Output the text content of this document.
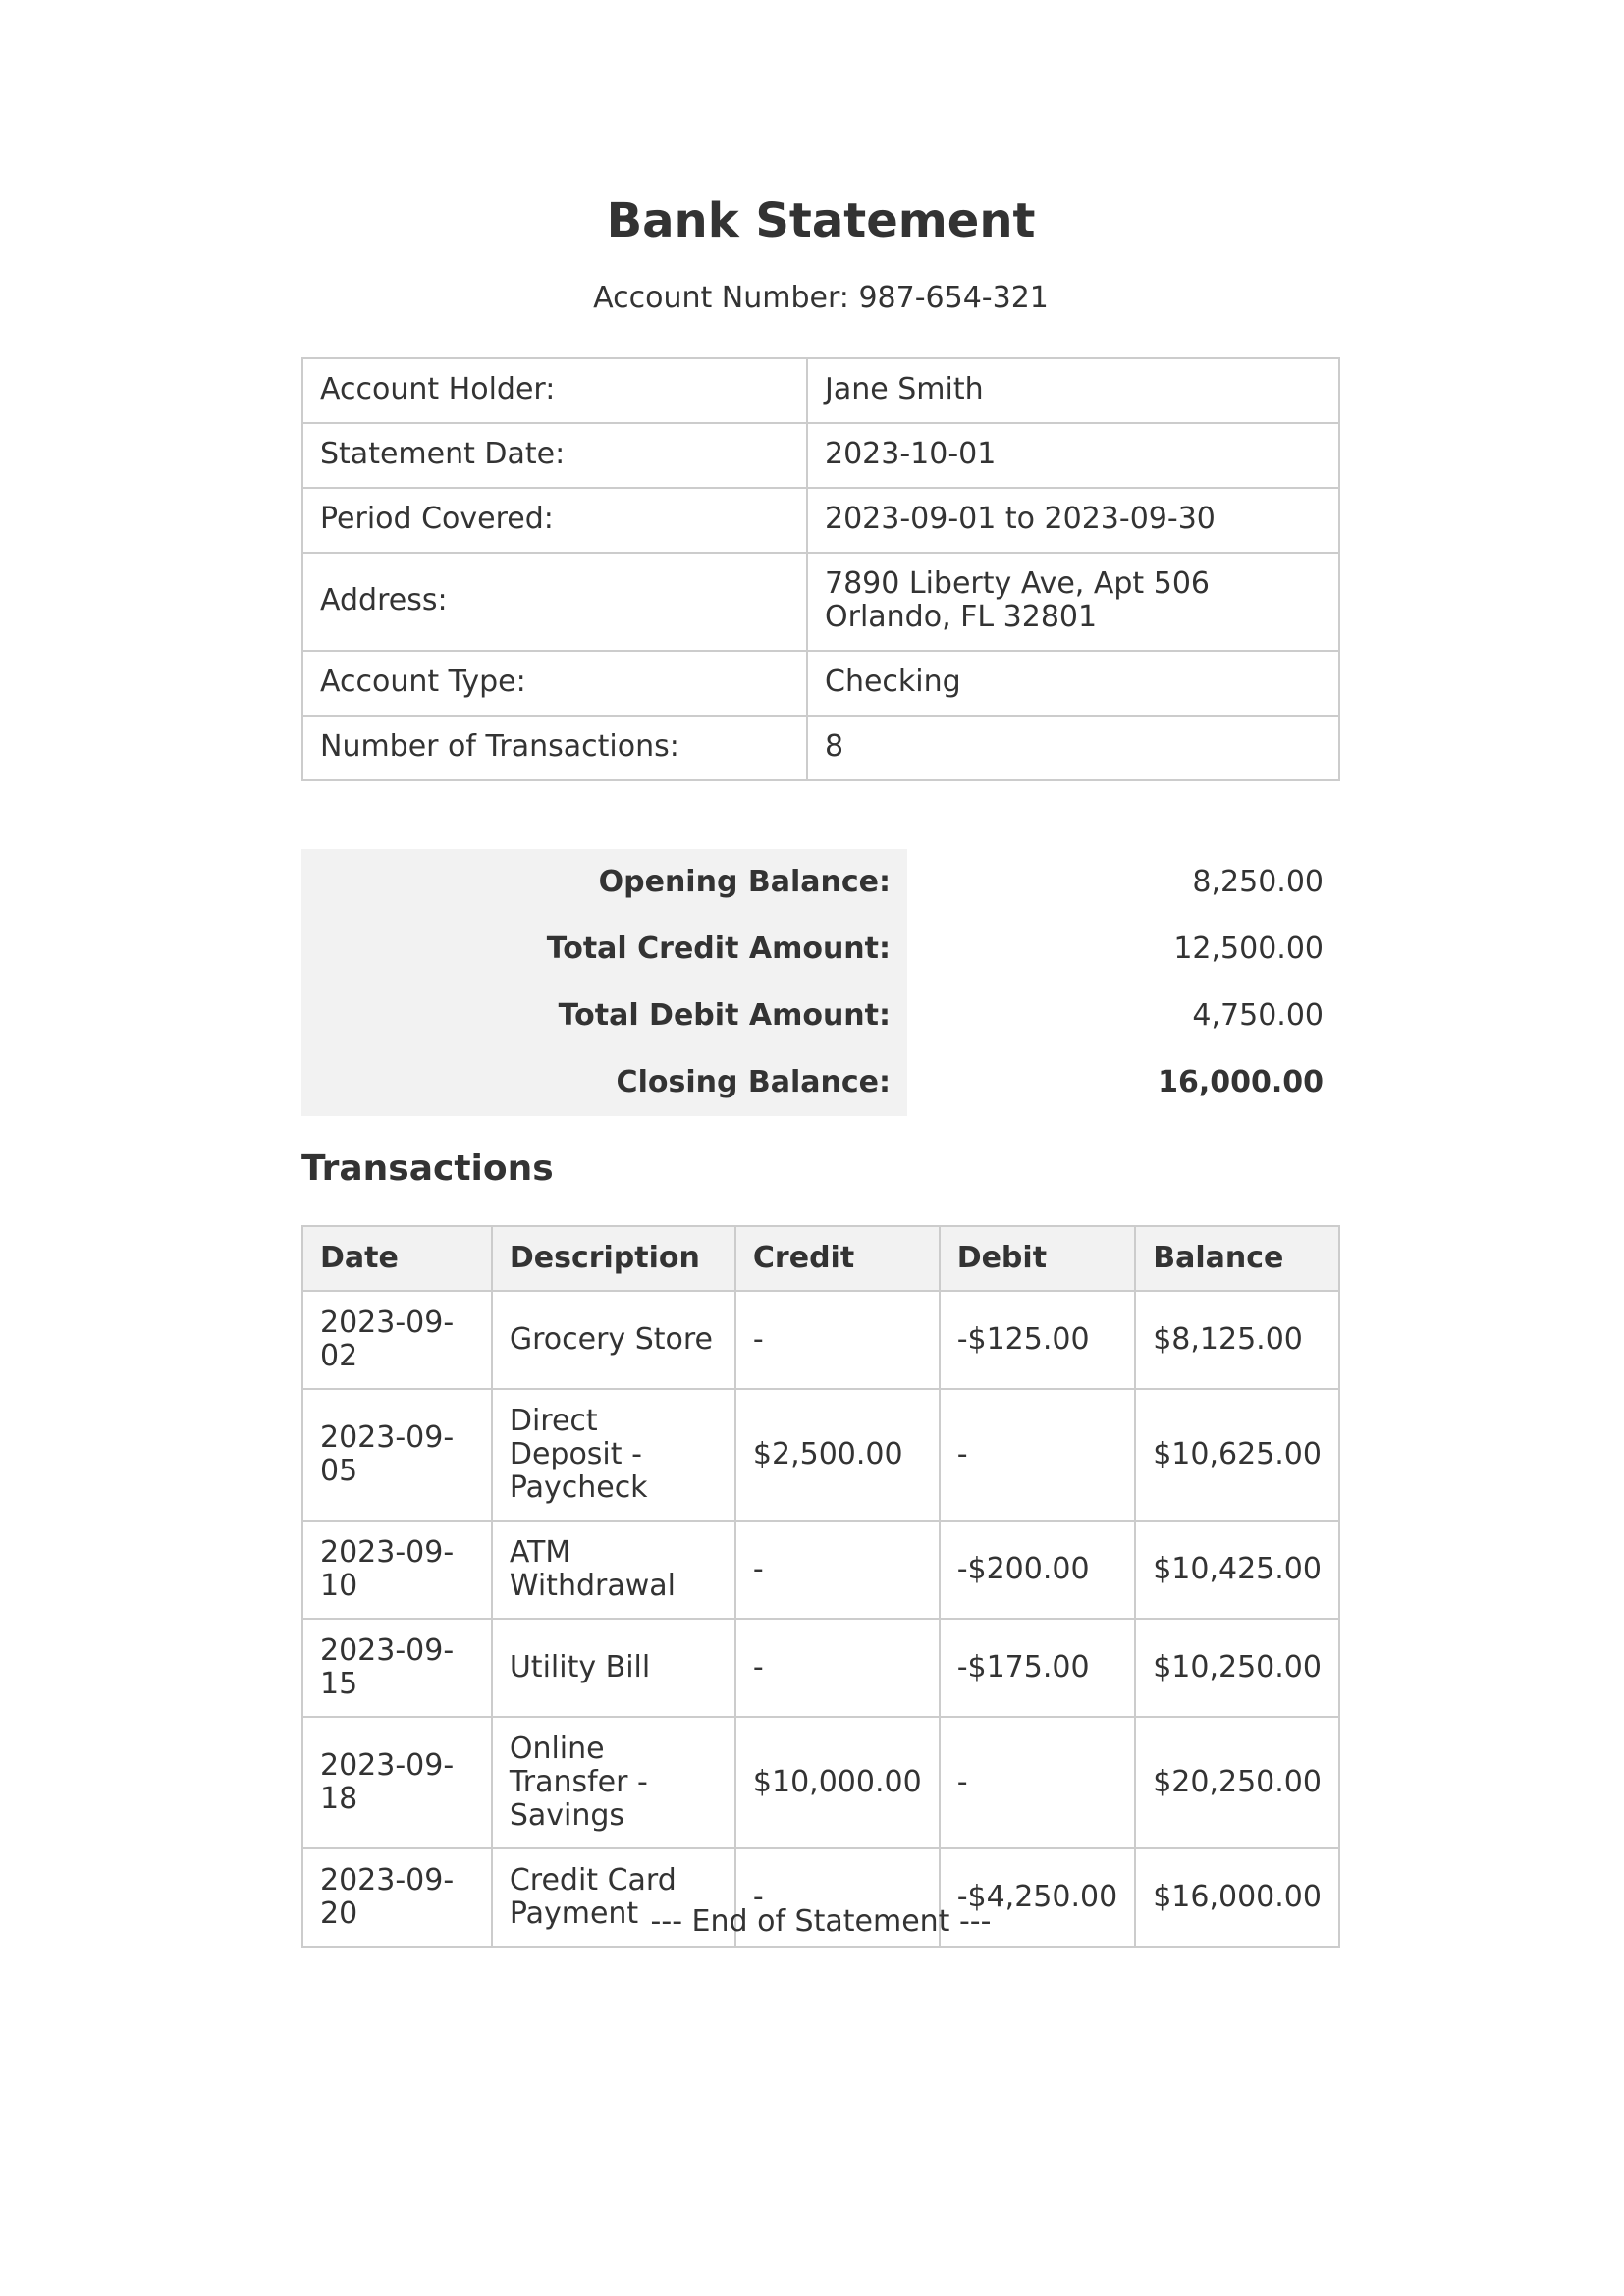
Bank Statement
Account Number: 987-654-321
Account Holder:	Jane Smith
Statement Date:	2023-10-01
Period Covered:	2023-09-01 to 2023-09-30
Address:	7890 Liberty Ave, Apt 506
Orlando, FL 32801

Account Type:	Checking
Number of Transactions:	8
Opening Balance:	8,250.00
Total Credit Amount:	12,500.00
Total Debit Amount:	4,750.00
Closing Balance:	16,000.00
Transactions
Date	Description	Credit	Debit	Balance
2023-09-02	Grocery Store	-	-$125.00	$8,125.00
2023-09-05	Direct Deposit - Paycheck	$2,500.00	-	$10,625.00
2023-09-10	ATM Withdrawal	-	-$200.00	$10,425.00
2023-09-15	Utility Bill	-	-$175.00	$10,250.00
2023-09-18	Online Transfer - Savings	$10,000.00	-	$20,250.00
2023-09-20	Credit Card Payment	-	-$4,250.00	$16,000.00
--- End of Statement ---
